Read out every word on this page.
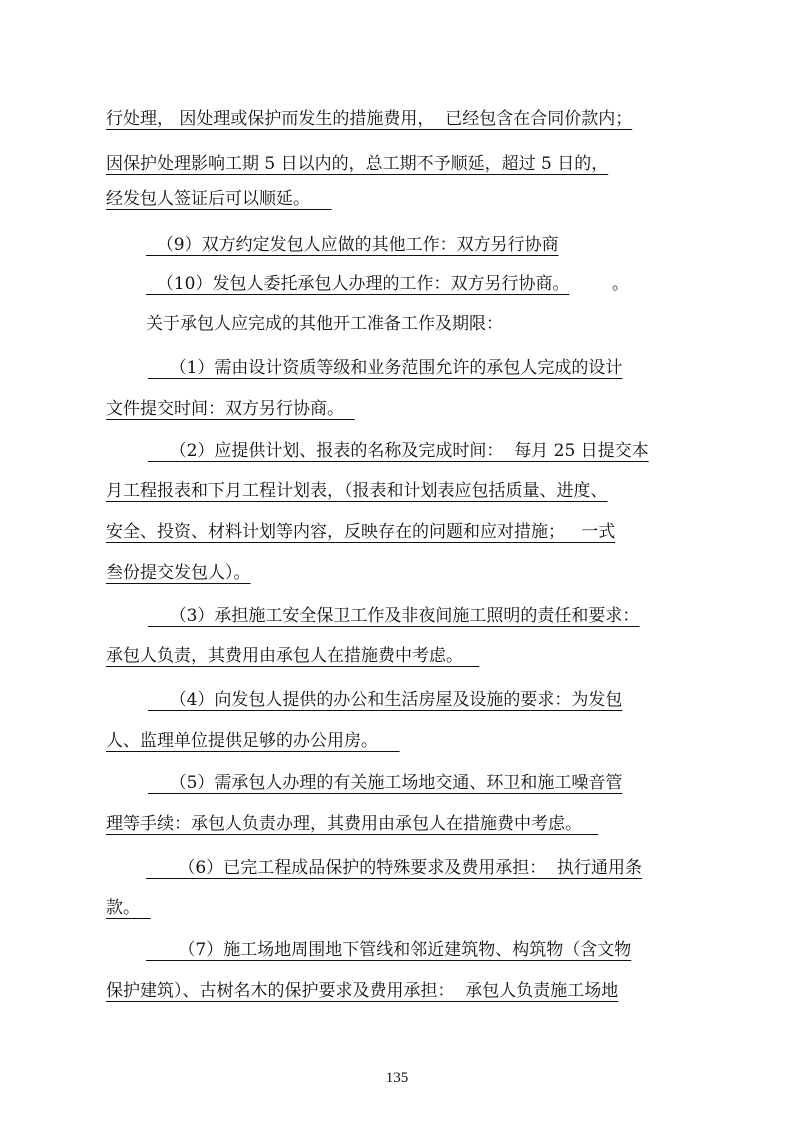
行处理， 因处理或保护而发生的措施费用，  已经包含在合同价款内；
因保护处理影响工期 5 日以内的，总工期不予顺延，超过 5 日的，
经发包人签证后可以顺延。
（9）双方约定发包人应做的其他工作：双方另行协商
（10）发包人委托承包人办理的工作：双方另行协商。	。
关于承包人应完成的其他开工准备工作及期限：
（1）需由设计资质等级和业务范围允许的承包人完成的设计
文件提交时间：双方另行协商。
（2）应提供计划、报表的名称及完成时间：  每月 25 日提交本
月工程报表和下月工程计划表，（报表和计划表应包括质量、进度、
安全、投资、材料计划等内容，反映存在的问题和应对措施；   一式
叁份提交发包人）。
（3）承担施工安全保卫工作及非夜间施工照明的责任和要求：
承包人负责，其费用由承包人在措施费中考虑。
（4）向发包人提供的办公和生活房屋及设施的要求：为发包
人、监理单位提供足够的办公用房。
（5）需承包人办理的有关施工场地交通、环卫和施工噪音管
理等手续：承包人负责办理，其费用由承包人在措施费中考虑。
（6）已完工程成品保护的特殊要求及费用承担：  执行通用条
款。
（7）施工场地周围地下管线和邻近建筑物、构筑物（含文物
保护建筑）、古树名木的保护要求及费用承担：  承包人负责施工场地
135
